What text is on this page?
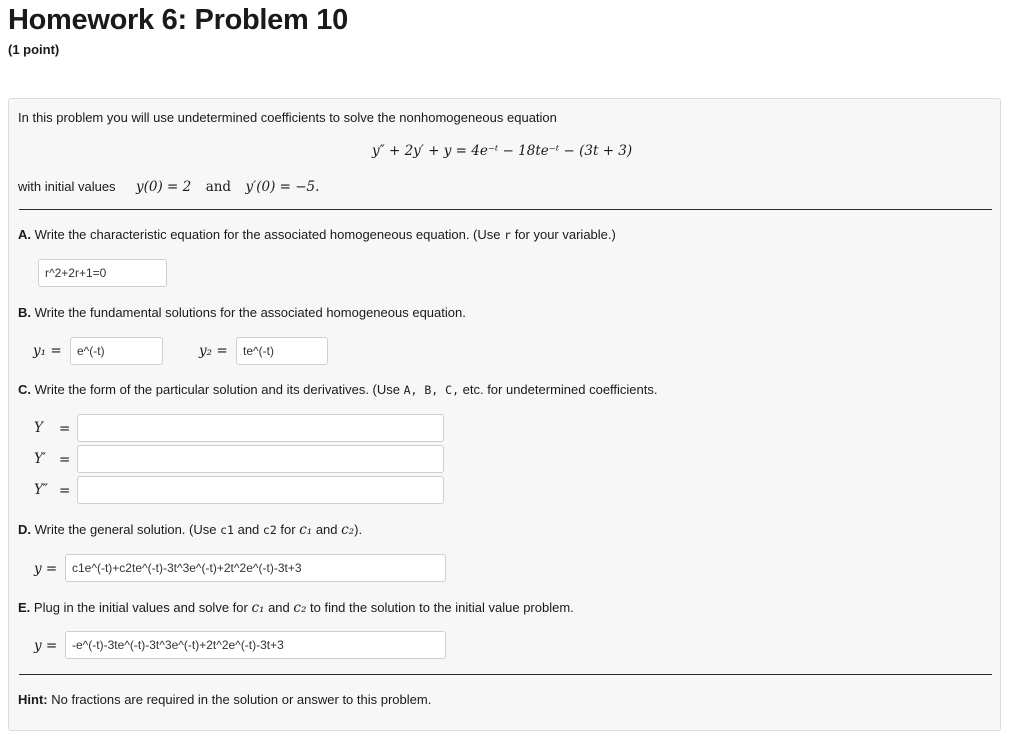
Homework 6: Problem 10
(1 point)
In this problem you will use undetermined coefficients to solve the nonhomogeneous equation
y″ + 2y′ + y = 4e⁻ᵗ − 18te⁻ᵗ − (3t + 3)
with initial values y(0) = 2 and y′(0) = −5.
A. Write the characteristic equation for the associated homogeneous equation. (Use r for your variable.)
r^2+2r+1=0
B. Write the fundamental solutions for the associated homogeneous equation.
y₁ =
e^(-t)	y₂ =
te^(-t)
C. Write the form of the particular solution and its derivatives. (Use A, B, C, etc. for undetermined coefficients.
Y =
Y′ =
Y″ =
D. Write the general solution. (Use c1 and c2 for c₁ and c₂).
y =
c1e^(-t)+c2te^(-t)-3t^3e^(-t)+2t^2e^(-t)-3t+3
E. Plug in the initial values and solve for c₁ and c₂ to find the solution to the initial value problem.
y =
-e^(-t)-3te^(-t)-3t^3e^(-t)+2t^2e^(-t)-3t+3
Hint: No fractions are required in the solution or answer to this problem.
